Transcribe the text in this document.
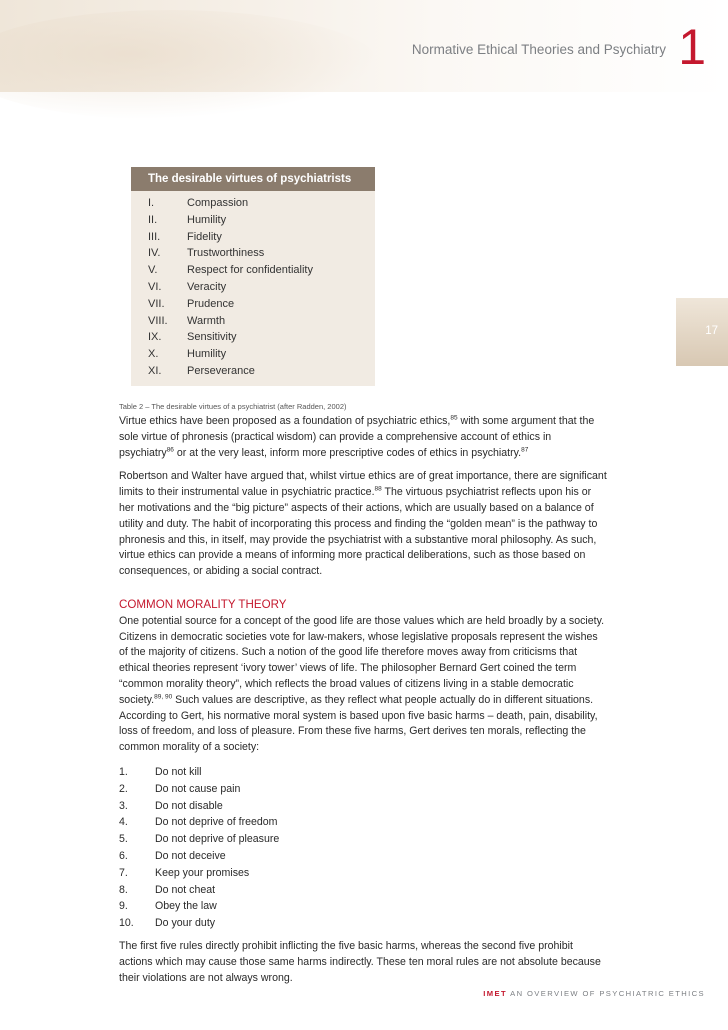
Normative Ethical Theories and Psychiatry 1
17
The desirable virtues of psychiatrists
I.	Compassion
II.	Humility
III.	Fidelity
IV.	Trustworthiness
V.	Respect for confidentiality
VI.	Veracity
VII.	Prudence
VIII.	Warmth
IX.	Sensitivity
X.	Humility
XI.	Perseverance
Table 2 – The desirable virtues of a psychiatrist (after Radden, 2002)

Virtue ethics have been proposed as a foundation of psychiatric ethics,$^{85}$ with some argument that the sole virtue of phronesis (practical wisdom) can provide a comprehensive account of ethics in psychiatry$^{86}$ or at the very least, inform more prescriptive codes of ethics in psychiatry.$^{87}$

Robertson and Walter have argued that, whilst virtue ethics are of great importance, there are significant limits to their instrumental value in psychiatric practice.$^{88}$ The virtuous psychiatrist reflects upon his or her motivations and the “big picture” aspects of their actions, which are usually based on a balance of utility and duty. The habit of incorporating this process and finding the “golden mean” is the pathway to phronesis and this, in itself, may provide the psychiatrist with a substantive moral philosophy. As such, virtue ethics can provide a means of informing more practical deliberations, such as those based on consequences, or abiding a social contract.

COMMON MORALITY THEORY

One potential source for a concept of the good life are those values which are held broadly by a society. Citizens in democratic societies vote for law-makers, whose legislative proposals represent the wishes of the majority of citizens. Such a notion of the good life therefore moves away from criticisms that ethical theories represent ‘ivory tower’ views of life. The philosopher Bernard Gert coined the term “common morality theory”, which reflects the broad values of citizens living in a stable democratic society.$^{89, 90}$ Such values are descriptive, as they reflect what people actually do in different situations. According to Gert, his normative moral system is based upon five basic harms – death, pain, disability, loss of freedom, and loss of pleasure. From these five harms, Gert derives ten morals, reflecting the common morality of a society:

1.	Do not kill
2.	Do not cause pain
3.	Do not disable
4.	Do not deprive of freedom
5.	Do not deprive of pleasure
6.	Do not deceive
7.	Keep your promises
8.	Do not cheat
9.	Obey the law
10.	Do your duty

The first five rules directly prohibit inflicting the five basic harms, whereas the second five prohibit actions which may cause those same harms indirectly. These ten moral rules are not absolute because their violations are not always wrong.

IMET AN OVERVIEW OF PSYCHIATRIC ETHICS
